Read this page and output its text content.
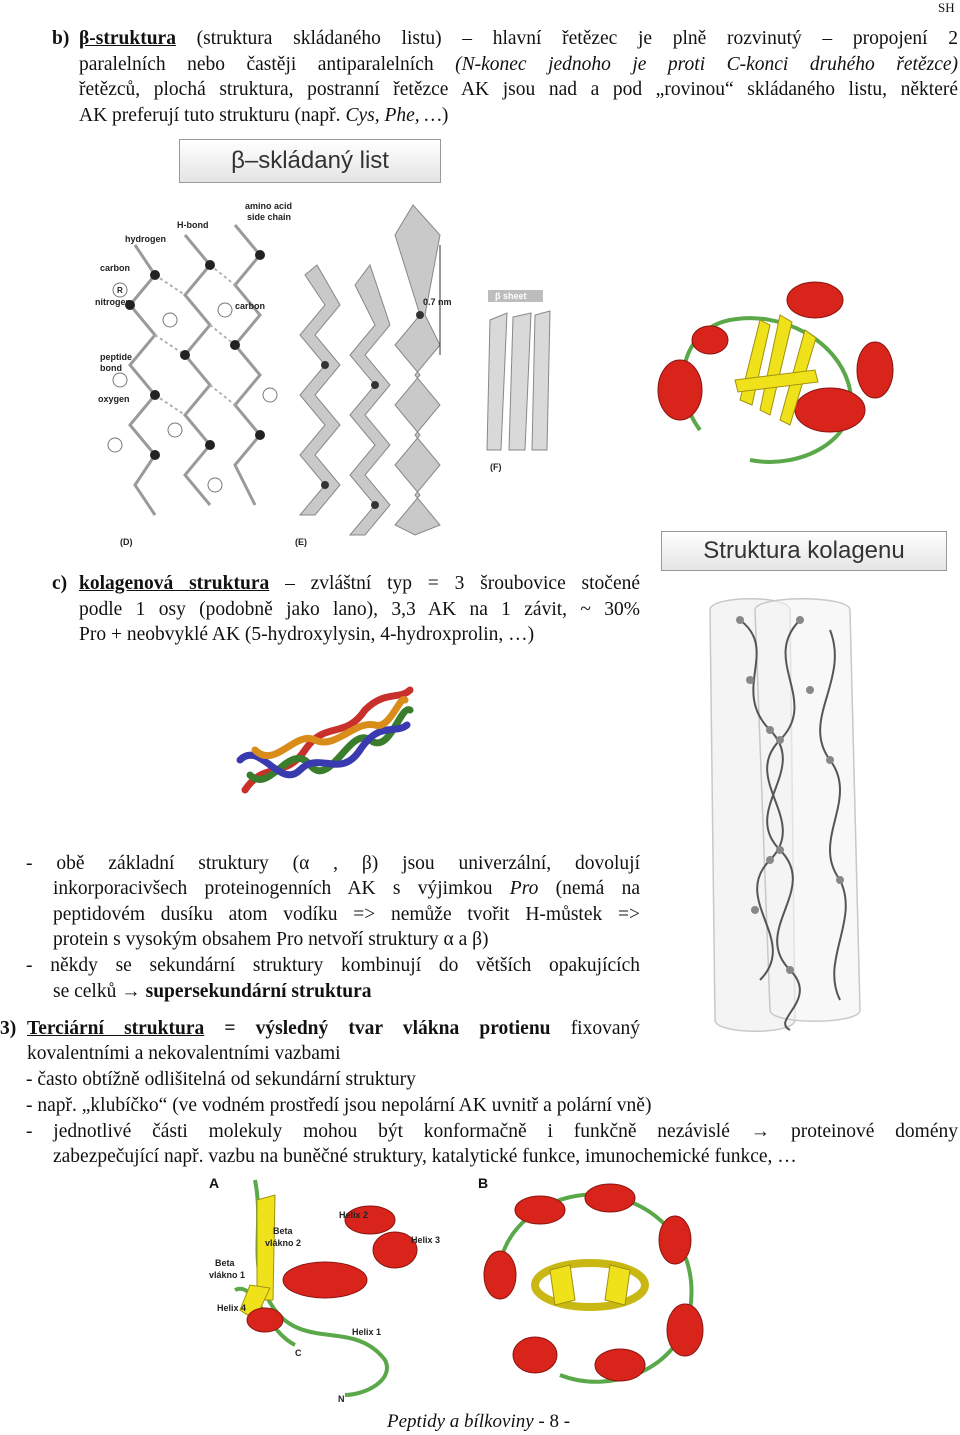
SH
b) β-struktura (struktura skládaného listu) – hlavní řetězec je plně rozvinutý – propojení 2
paralelních nebo častěji antiparalelních (N-konec jednoho je proti C-konci druhého řetězce)
řetězců, plochá struktura, postranní řetězce AK jsou nad a pod „rovinou“ skládaného listu, některé
AK preferují tuto strukturu (např. Cys, Phe, …)
β–skládaný list
amino acid
side chain
H-bond
hydrogen
carbon
nitrogen	carbon
peptide
bond
oxygen
R
(D)	(E)
(F)
0.7 nm
β sheet
c) kolagenová struktura – zvláštní typ = 3 šroubovice stočené
podle 1 osy (podobně jako lano), 3,3 AK na 1 závit, ~ 30%
Pro + neobvyklé AK (5-hydroxylysin, 4-hydroxprolin, …)
Struktura kolagenu
- obě základní struktury (α , β) jsou univerzální, dovolují
inkorporacivšech proteinogenních AK s výjimkou Pro (nemá na
peptidovém dusíku atom vodíku => nemůže tvořit H-můstek =>
protein s vysokým obsahem Pro netvoří struktury α a β)
- někdy se sekundární struktury kombinují do větších opakujících
se celků → supersekundární struktura
3) Terciární struktura = výsledný tvar vlákna protienu fixovaný
kovalentními a nekovalentními vazbami
- často obtížně odlišitelná od sekundární struktury
- např. „klubíčko“ (ve vodném prostředí jsou nepolární AK uvnitř a polární vně)
- jednotlivé části molekuly mohou být konformačně i funkčně nezávislé → proteinové domény
zabezpečující např. vazbu na buněčné struktury, katalytické funkce, imunochemické funkce, …
A
Helix 2
Helix 3
Helix 1
Helix 4
Beta
vlákno 2
Beta
vlákno 1
C
N
B
Peptidy a bílkoviny - 8 -
